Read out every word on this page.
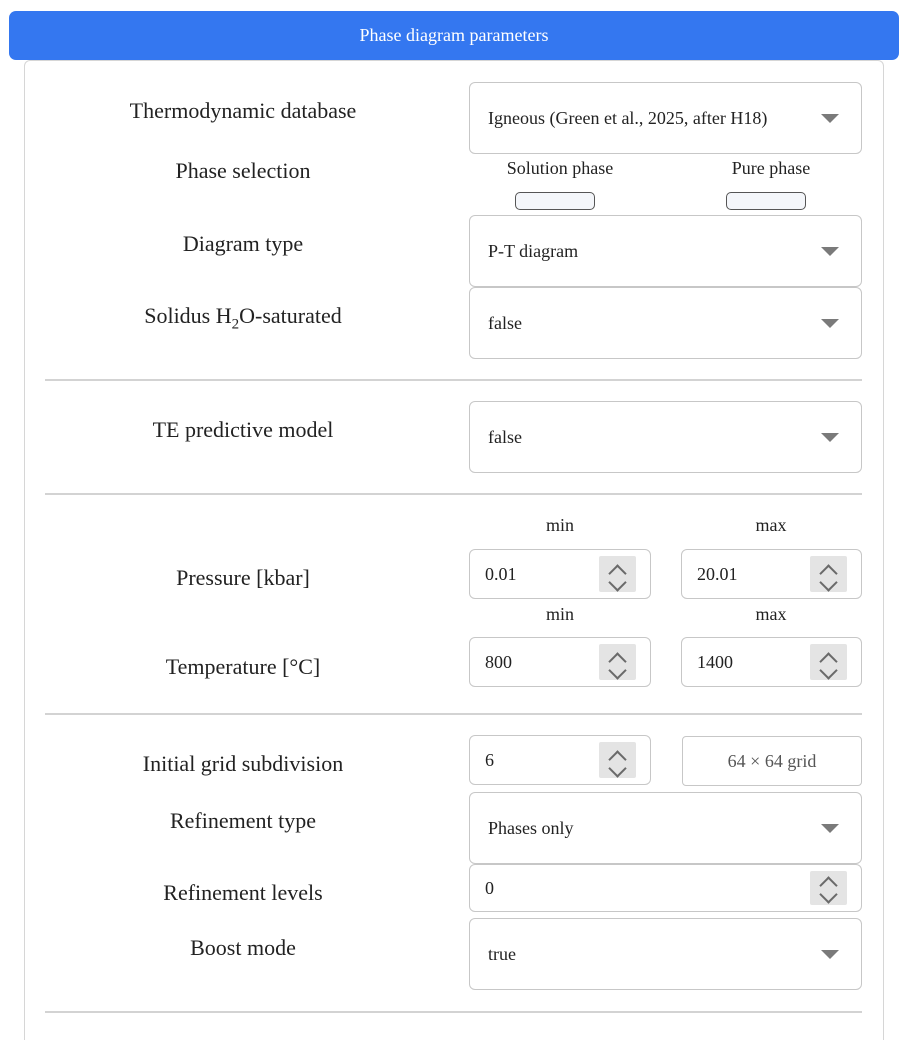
Phase diagram parameters
Thermodynamic database	Igneous (Green et al., 2025, after H18)
Phase selection	Solution phase	Pure phase
Diagram type	P-T diagram
Solidus $H_2O$-saturated	false
TE predictive model	false
min	max
Pressure [kbar]	0.01	20.01
min	max
Temperature [°C]	800	1400
Initial grid subdivision	6	64 × 64 grid
Refinement type	Phases only
Refinement levels	0
Boost mode	true
